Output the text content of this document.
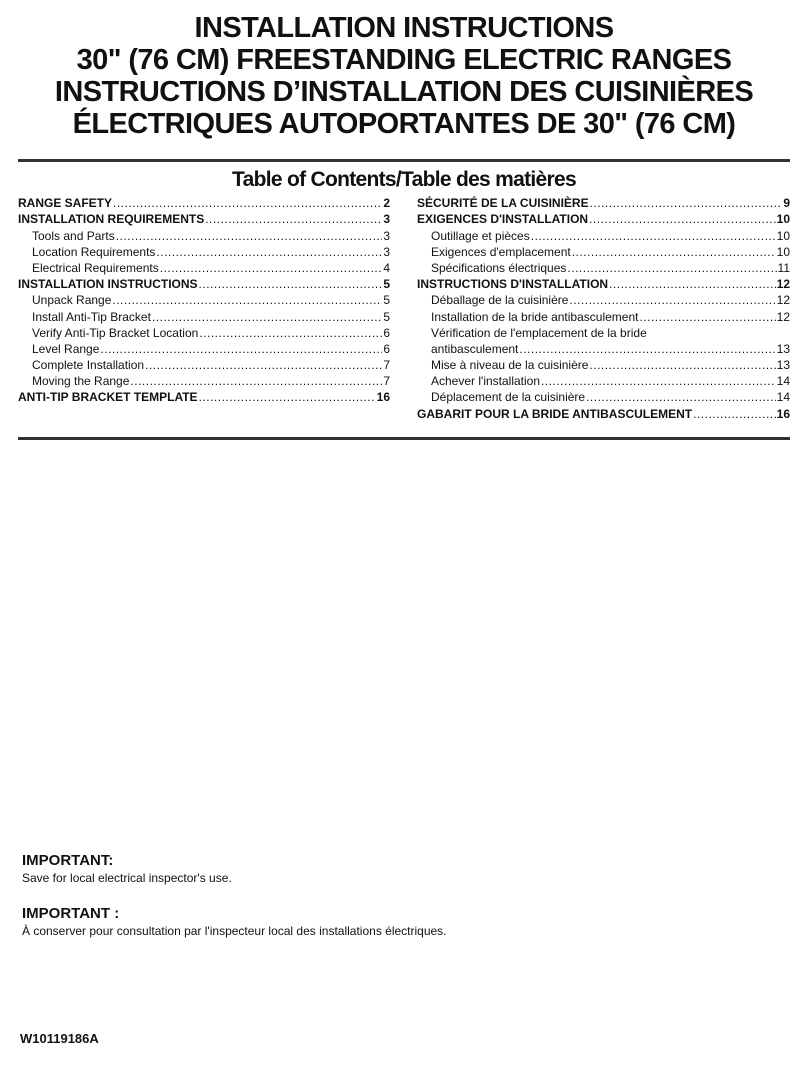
INSTALLATION INSTRUCTIONS
30" (76 CM) FREESTANDING ELECTRIC RANGES
INSTRUCTIONS D’INSTALLATION DES CUISINIÈRES
ÉLECTRIQUES AUTOPORTANTES DE 30" (76 CM)
Table of Contents/Table des matières
RANGE SAFETY .....	2
INSTALLATION REQUIREMENTS .....	3
Tools and Parts .....	3
Location Requirements .....	3
Electrical Requirements .....	4
INSTALLATION INSTRUCTIONS .....	5
Unpack Range .....	5
Install Anti-Tip Bracket .....	5
Verify Anti-Tip Bracket Location .....	6
Level Range .....	6
Complete Installation .....	7
Moving the Range .....	7
ANTI-TIP BRACKET TEMPLATE .....	16
SÉCURITÉ DE LA CUISINIÈRE .....	9
EXIGENCES D'INSTALLATION .....	10
Outillage et pièces .....	10
Exigences d'emplacement .....	10
Spécifications électriques .....	11
INSTRUCTIONS D'INSTALLATION .....	12
Déballage de la cuisinière .....	12
Installation de la bride antibasculement .....	12
Vérification de l'emplacement de la bride
antibasculement .....	13
Mise à niveau de la cuisinière .....	13
Achever l'installation .....	14
Déplacement de la cuisinière .....	14
GABARIT POUR LA BRIDE ANTIBASCULEMENT .....	16
IMPORTANT:
Save for local electrical inspector's use.
IMPORTANT :
À conserver pour consultation par l'inspecteur local des installations électriques.
W10119186A
